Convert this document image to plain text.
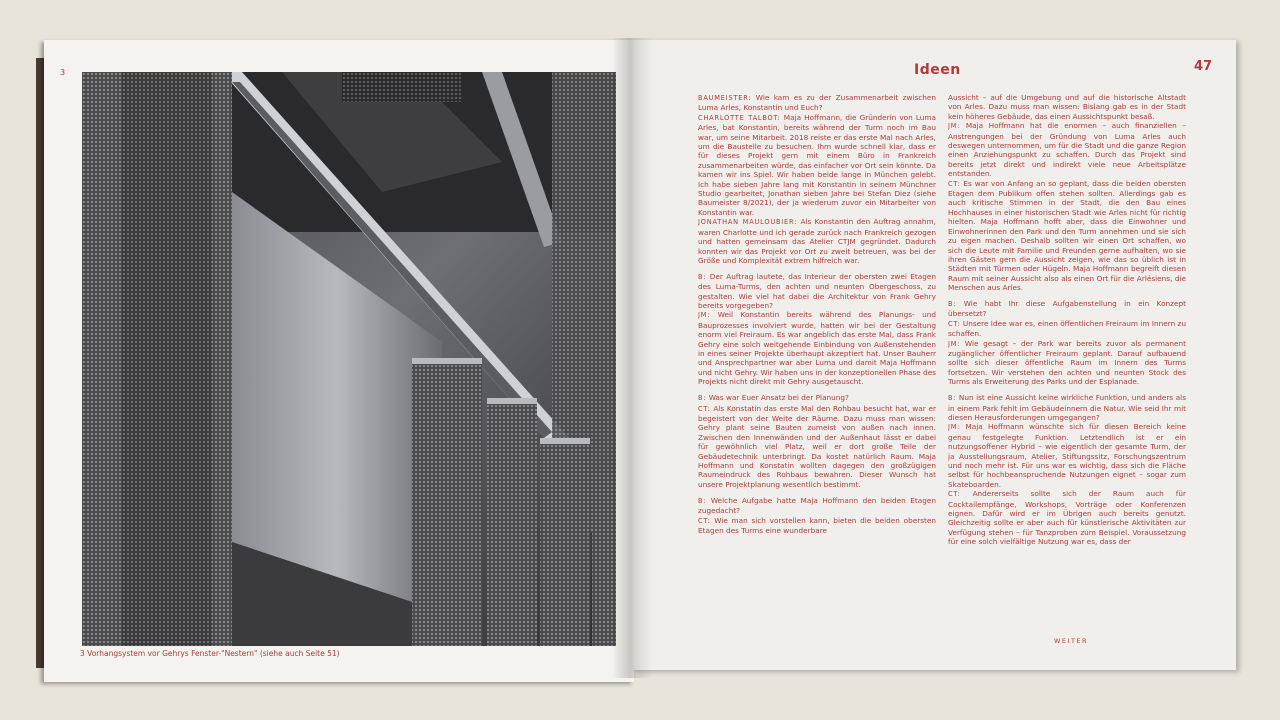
3
3 Vorhangsystem vor Gehrys Fenster-"Nestern" (siehe auch Seite 51)
Ideen	47

BAUMEISTER: Wie kam es zu der Zusammenarbeit zwischen Luma Arles, Konstantin und Euch?
CHARLOTTE TALBOT: Maja Hoffmann, die Gründerin von Luma Arles, bat Konstantin, bereits während der Turm noch im Bau war, um seine Mitarbeit. 2018 reiste er das erste Mal nach Arles, um die Baustelle zu besuchen. Ihm wurde schnell klar, dass er für dieses Projekt gern mit einem Büro in Frankreich zusammenarbeiten würde, das einfacher vor Ort sein könnte. Da kamen wir ins Spiel. Wir haben beide lange in München gelebt. Ich habe sieben Jahre lang mit Konstantin in seinem Münchner Studio gearbeitet, Jonathan sieben Jahre bei Stefan Diez (siehe Baumeister 8/2021), der ja wiederum zuvor ein Mitarbeiter von Konstantin war.
JONATHAN MAULOUBIER: Als Konstantin den Auftrag annahm, waren Charlotte und ich gerade zurück nach Frankreich gezogen und hatten gemeinsam das Atelier CTJM gegründet. Dadurch konnten wir das Projekt vor Ort zu zweit betreuen, was bei der Größe und Komplexität extrem hilfreich war.

B: Der Auftrag lautete, das Interieur der obersten zwei Etagen des Luma-Turms, den achten und neunten Obergeschoss, zu gestalten. Wie viel hat dabei die Architektur von Frank Gehry bereits vorgegeben?
JM: Weil Konstantin bereits während des Planungs- und Bauprozesses involviert wurde, hatten wir bei der Gestaltung enorm viel Freiraum. Es war angeblich das erste Mal, dass Frank Gehry eine solch weitgehende Einbindung von Außenstehenden in eines seiner Projekte überhaupt akzeptiert hat. Unser Bauherr und Ansprechpartner war aber Luma und damit Maja Hoffmann und nicht Gehry. Wir haben uns in der konzeptionellen Phase des Projekts nicht direkt mit Gehry ausgetauscht.

B: Was war Euer Ansatz bei der Planung?
CT: Als Konstatin das erste Mal den Rohbau besucht hat, war er begeistert von der Weite der Räume. Dazu muss man wissen: Gehry plant seine Bauten zumeist von außen nach innen. Zwischen den Innenwänden und der Außenhaut lässt er dabei für gewöhnlich viel Platz, weil er dort große Teile der Gebäudetechnik unterbringt. Da kostet natürlich Raum. Maja Hoffmann und Konstatin wollten dagegen den großzügigen Raumeindruck des Rohbaus bewahren. Dieser Wunsch hat unsere Projektplanung wesentlich bestimmt.

B: Welche Aufgabe hatte Maja Hoffmann den beiden Etagen zugedacht?
CT: Wie man sich vorstellen kann, bieten die beiden obersten Etagen des Turms eine wunderbare

Aussicht – auf die Umgebung und auf die historische Altstadt von Arles. Dazu muss man wissen: Bislang gab es in der Stadt kein höheres Gebäude, das einen Aussichtspunkt besaß.
JM: Maja Hoffmann hat die enormen – auch finanziellen – Anstrengungen bei der Gründung von Luma Arles auch deswegen unternommen, um für die Stadt und die ganze Region einen Anziehungspunkt zu schaffen. Durch das Projekt sind bereits jetzt direkt und indirekt viele neue Arbeitsplätze entstanden.
CT: Es war von Anfang an so geplant, dass die beiden obersten Etagen dem Publikum offen stehen sollten. Allerdings gab es auch kritische Stimmen in der Stadt, die den Bau eines Hochhauses in einer historischen Stadt wie Arles nicht für richtig hielten. Maja Hoffmann hofft aber, dass die Einwohner und Einwohnerinnen den Park und den Turm annehmen und sie sich zu eigen machen. Deshalb sollten wir einen Ort schaffen, wo sich die Leute mit Familie und Freunden gerne aufhalten, wo sie ihren Gästen gern die Aussicht zeigen, wie das so üblich ist in Städten mit Türmen oder Hügeln. Maja Hoffmann begreift diesen Raum mit seiner Aussicht also als einen Ort für die Arlésiens, die Menschen aus Arles.

B: Wie habt Ihr diese Aufgabenstellung in ein Konzept übersetzt?
CT: Unsere Idee war es, einen öffentlichen Freiraum im Innern zu schaffen.
JM: Wie gesagt – der Park war bereits zuvor als permanent zugänglicher öffentlicher Freiraum geplant. Darauf aufbauend sollte sich dieser öffentliche Raum im Innern des Turms fortsetzen. Wir verstehen den achten und neunten Stock des Turms als Erweiterung des Parks und der Esplanade.

B: Nun ist eine Aussicht keine wirkliche Funktion, und anders als in einem Park fehlt im Gebäudeinnern die Natur. Wie seid Ihr mit diesen Herausforderungen umgegangen?
JM: Maja Hoffmann wünschte sich für diesen Bereich keine genau festgelegte Funktion. Letztendlich ist er ein nutzungsoffener Hybrid – wie eigentlich der gesamte Turm, der ja Ausstellungsraum, Atelier, Stiftungssitz, Forschungszentrum und noch mehr ist. Für uns war es wichtig, dass sich die Fläche selbst für hochbeanspruchende Nutzungen eignet – sogar zum Skateboarden.
CT: Andererseits sollte sich der Raum auch für Cocktailempfänge, Workshops, Vorträge oder Konferenzen eignen. Dafür wird er im Übrigen auch bereits genutzt. Gleichzeitig sollte er aber auch für künstlerische Aktivitäten zur Verfügung stehen – für Tanzproben zum Beispiel. Voraussetzung für eine solch vielfältige Nutzung war es, dass der

WEITER
